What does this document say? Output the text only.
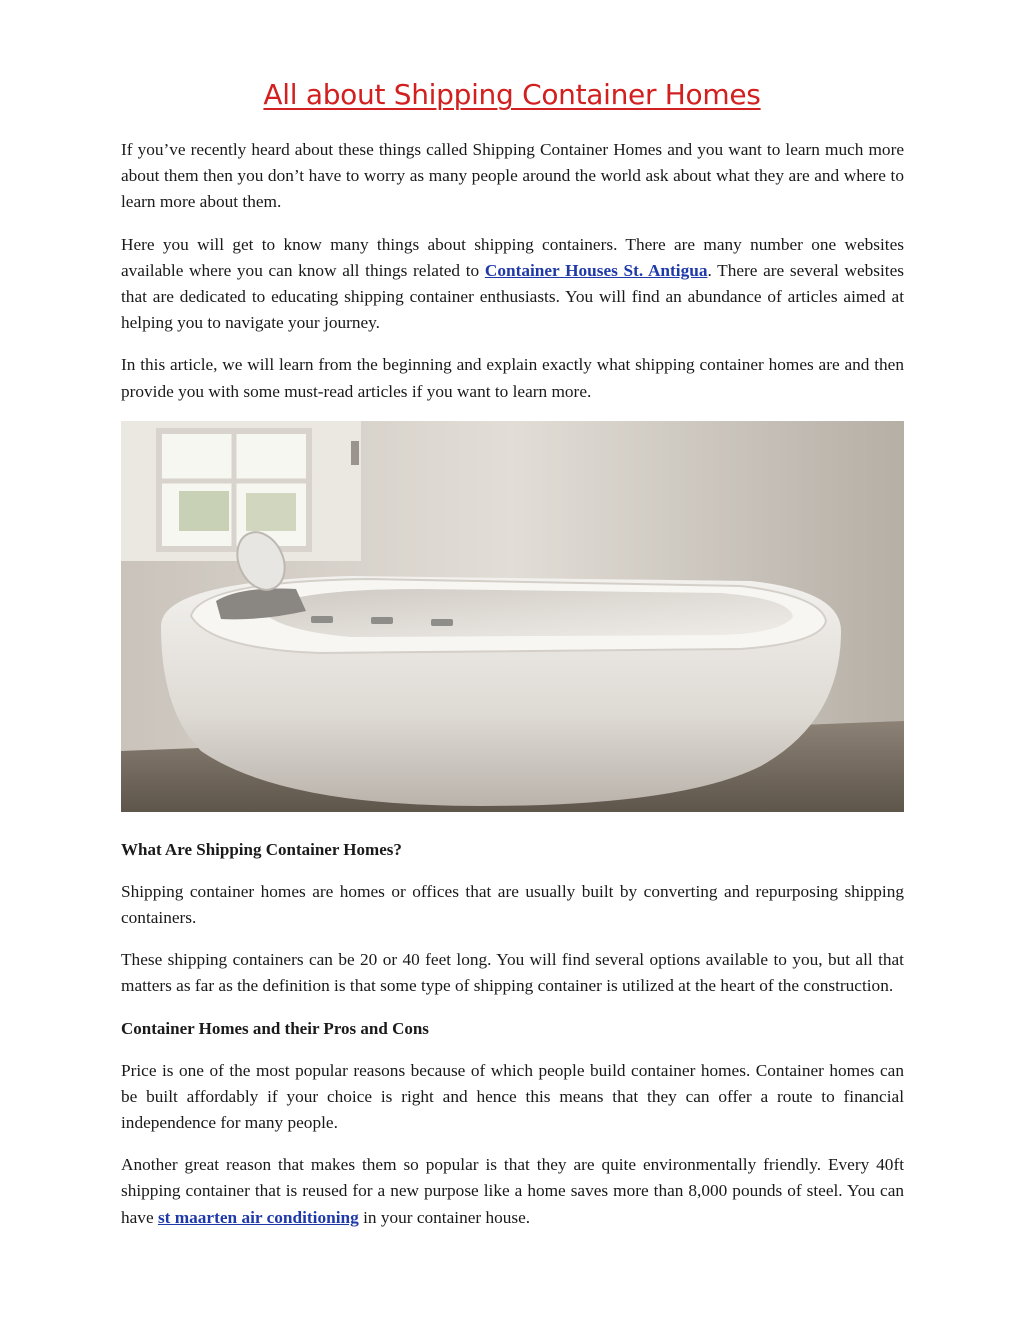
All about Shipping Container Homes

If you’ve recently heard about these things called Shipping Container Homes and you want to learn much more about them then you don’t have to worry as many people around the world ask about what they are and where to learn more about them.

Here you will get to know many things about shipping containers. There are many number one websites available where you can know all things related to Container Houses St. Antigua. There are several websites that are dedicated to educating shipping container enthusiasts. You will find an abundance of articles aimed at helping you to navigate your journey.

In this article, we will learn from the beginning and explain exactly what shipping container homes are and then provide you with some must-read articles if you want to learn more.

What Are Shipping Container Homes?

Shipping container homes are homes or offices that are usually built by converting and repurposing shipping containers.

These shipping containers can be 20 or 40 feet long. You will find several options available to you, but all that matters as far as the definition is that some type of shipping container is utilized at the heart of the construction.

Container Homes and their Pros and Cons

Price is one of the most popular reasons because of which people build container homes. Container homes can be built affordably if your choice is right and hence this means that they can offer a route to financial independence for many people.

Another great reason that makes them so popular is that they are quite environmentally friendly. Every 40ft shipping container that is reused for a new purpose like a home saves more than 8,000 pounds of steel. You can have st maarten air conditioning in your container house.
